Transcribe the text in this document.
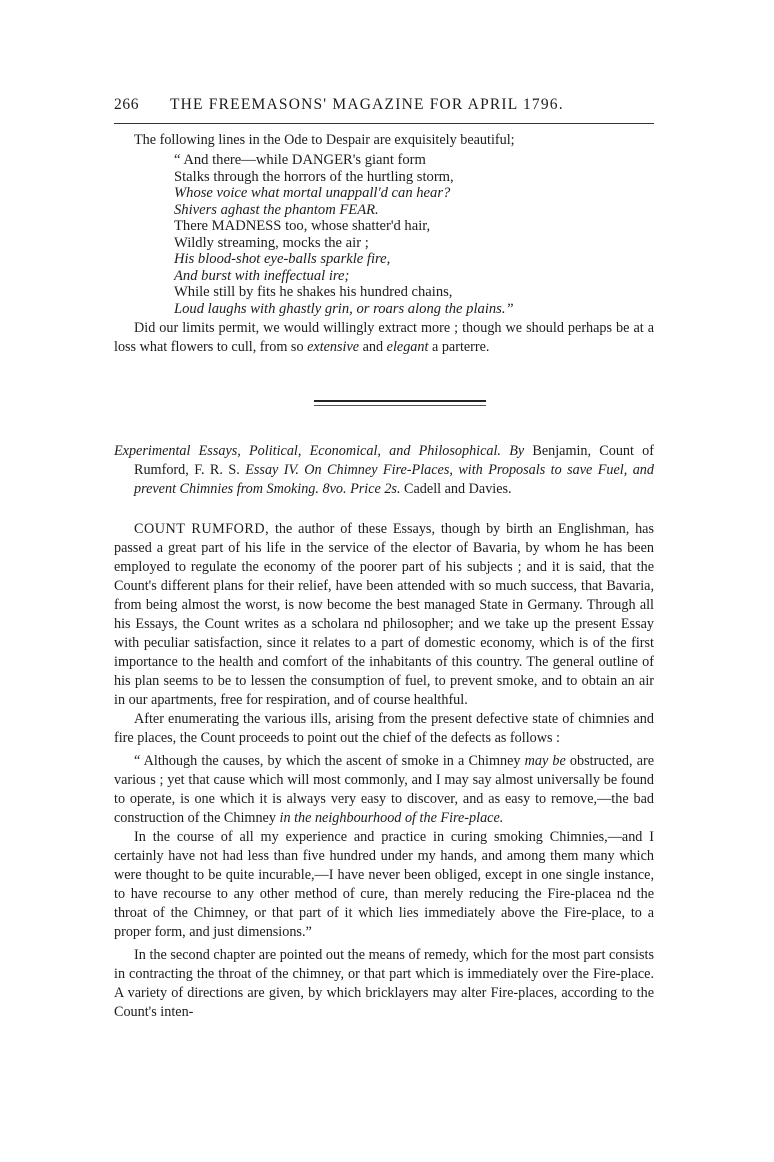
266 THE FREEMASONS' MAGAZINE FOR APRIL 1796.

The following lines in the Ode to Despair are exquisitely beautiful;

“ And there—while DANGER's giant form
Stalks through the horrors of the hurtling storm,
Whose voice what mortal unappall'd can hear?
Shivers aghast the phantom FEAR.
There MADNESS too, whose shatter'd hair,
Wildly streaming, mocks the air ;
His blood-shot eye-balls sparkle fire,
And burst with ineffectual ire;
While still by fits he shakes his hundred chains,
Loud laughs with ghastly grin, or roars along the plains.”

Did our limits permit, we would willingly extract more ; though we should perhaps be at a loss what flowers to cull, from so extensive and elegant a parterre.

Experimental Essays, Political, Economical, and Philosophical. By Benjamin, Count of Rumford, F. R. S. Essay IV. On Chimney Fire-Places, with Proposals to save Fuel, and prevent Chimnies from Smoking. 8vo. Price 2s. Cadell and Davies.

COUNT RUMFORD, the author of these Essays, though by birth an Englishman, has passed a great part of his life in the service of the elector of Bavaria, by whom he has been employed to regulate the economy of the poorer part of his subjects ; and it is said, that the Count's different plans for their relief, have been attended with so much success, that Bavaria, from being almost the worst, is now become the best managed State in Germany. Through all his Essays, the Count writes as a scholara nd philosopher; and we take up the present Essay with peculiar satisfaction, since it relates to a part of domestic economy, which is of the first importance to the health and comfort of the inhabitants of this country. The general outline of his plan seems to be to lessen the consumption of fuel, to prevent smoke, and to obtain an air in our apartments, free for respiration, and of course healthful.

After enumerating the various ills, arising from the present defective state of chimnies and fire places, the Count proceeds to point out the chief of the defects as follows :

“ Although the causes, by which the ascent of smoke in a Chimney may be obstructed, are various ; yet that cause which will most commonly, and I may say almost universally be found to operate, is one which it is always very easy to discover, and as easy to remove,—the bad construction of the Chimney in the neighbourhood of the Fire-place.

In the course of all my experience and practice in curing smoking Chimnies,—and I certainly have not had less than five hundred under my hands, and among them many which were thought to be quite incurable,—I have never been obliged, except in one single instance, to have recourse to any other method of cure, than merely reducing the Fire-placea nd the throat of the Chimney, or that part of it which lies immediately above the Fire-place, to a proper form, and just dimensions.”

In the second chapter are pointed out the means of remedy, which for the most part consists in contracting the throat of the chimney, or that part which is immediately over the Fire-place. A variety of directions are given, by which bricklayers may alter Fire-places, according to the Count's inten-
